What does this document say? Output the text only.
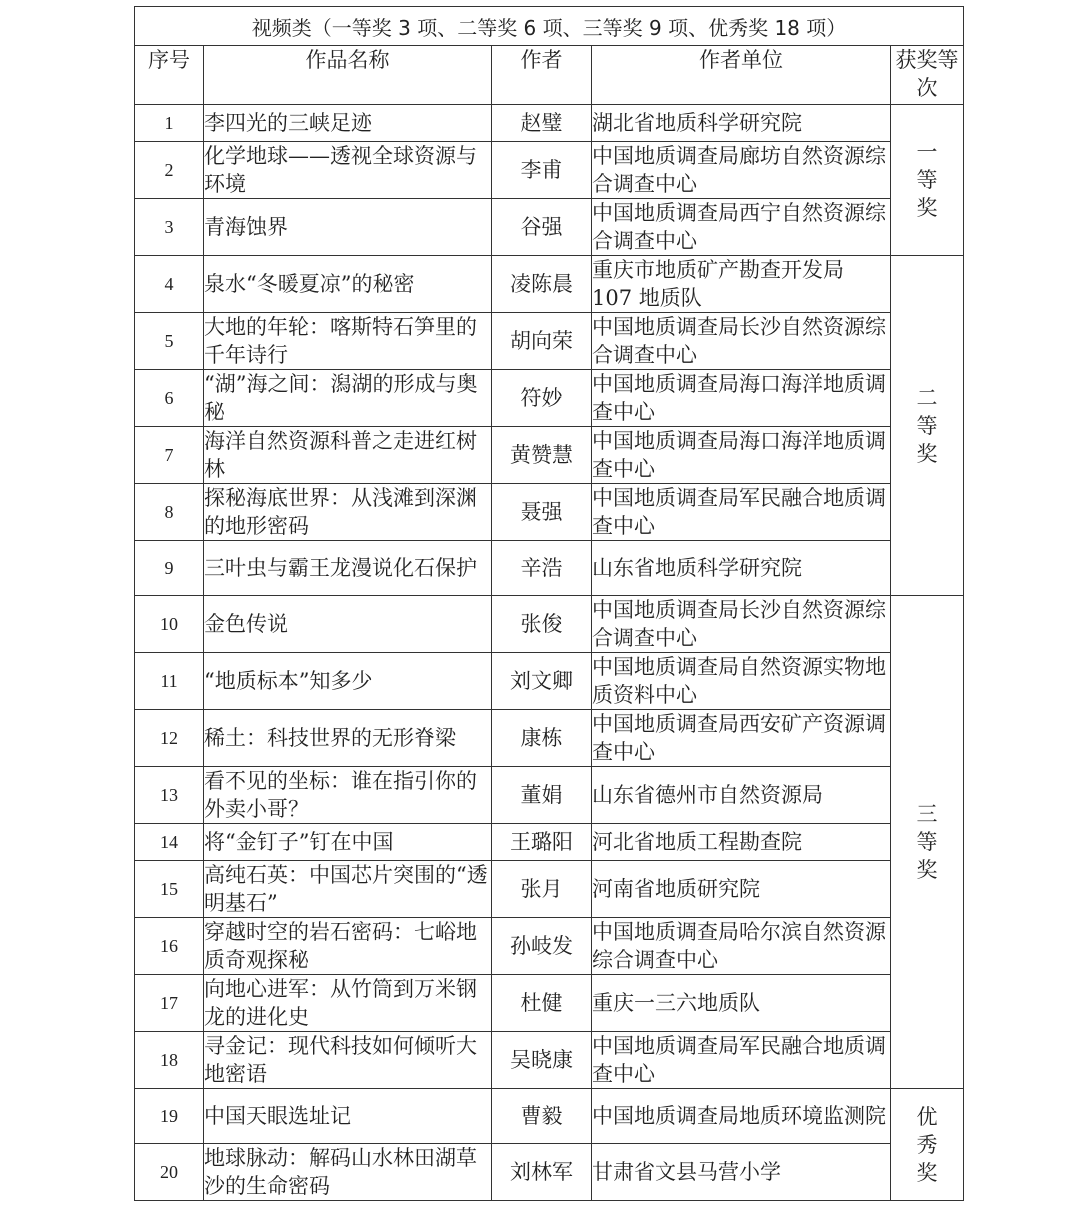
视频类（一等奖 3 项、二等奖 6 项、三等奖 9 项、优秀奖 18 项）				
序号	作品名称	作者	作者单位	获奖等次
1	李四光的三峡足迹	赵璧	湖北省地质科学研究院	一等奖

2	化学地球——透视全球资源与环境	李甫	中国地质调查局廊坊自然资源综合调查中心	
3	青海蚀界	谷强	中国地质调查局西宁自然资源综合调查中心	
4	泉水“冬暖夏凉”的秘密	凌陈晨	重庆市地质矿产勘查开发局 107 地质队	二等奖

5	大地的年轮：喀斯特石笋里的千年诗行	胡向荣	中国地质调查局长沙自然资源综合调查中心	
6	“湖”海之间：潟湖的形成与奥秘	符妙	中国地质调查局海口海洋地质调查中心	
7	海洋自然资源科普之走进红树林	黄赞慧	中国地质调查局海口海洋地质调查中心	
8	探秘海底世界：从浅滩到深渊的地形密码	聂强	中国地质调查局军民融合地质调查中心	
9	三叶虫与霸王龙漫说化石保护	辛浩	山东省地质科学研究院	
10	金色传说	张俊	中国地质调查局长沙自然资源综合调查中心	三等奖

11	“地质标本”知多少	刘文卿	中国地质调查局自然资源实物地质资料中心	
12	稀土：科技世界的无形脊梁	康栋	中国地质调查局西安矿产资源调查中心	
13	看不见的坐标：谁在指引你的外卖小哥？	董娟	山东省德州市自然资源局	
14	将“金钉子”钉在中国	王璐阳	河北省地质工程勘查院	
15	高纯石英：中国芯片突围的“透明基石”	张月	河南省地质研究院	
16	穿越时空的岩石密码：七峪地质奇观探秘	孙岐发	中国地质调查局哈尔滨自然资源综合调查中心	
17	向地心进军：从竹筒到万米钢龙的进化史	杜健	重庆一三六地质队	
18	寻金记：现代科技如何倾听大地密语	吴晓康	中国地质调查局军民融合地质调查中心	
19	中国天眼选址记	曹毅	中国地质调查局地质环境监测院	优秀奖

20	地球脉动：解码山水林田湖草沙的生命密码	刘林军	甘肃省文县马营小学	
